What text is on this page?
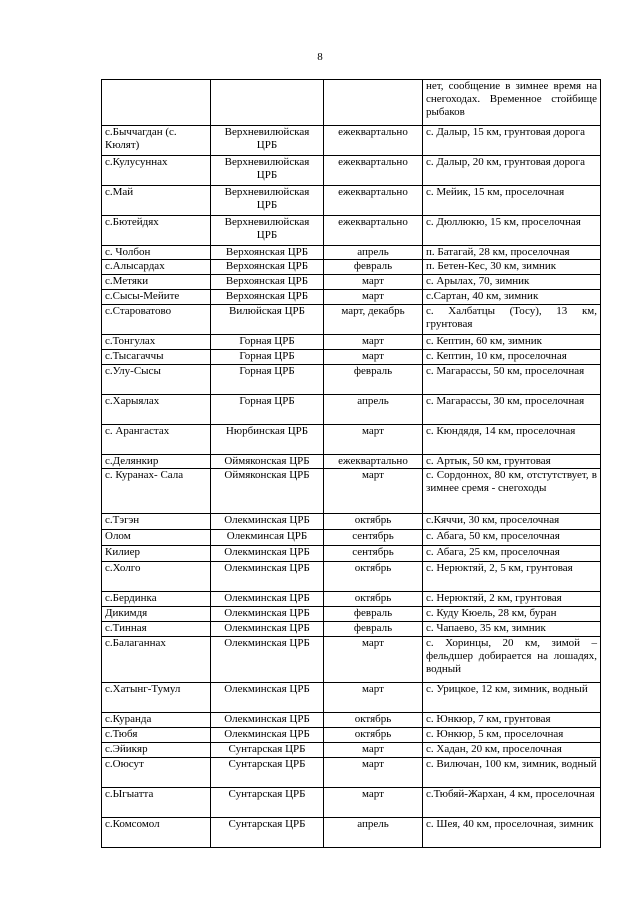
8
			нет, сообщение в зимнее время на снегоходах. Временное стойбище рыбаков
с.Быччагдан (с. Кюлят)	Верхневилюйская ЦРБ	ежеквартально	с. Далыр, 15 км, грунтовая дорога
с.Кулусуннах	Верхневилюйская ЦРБ	ежеквартально	с. Далыр, 20 км, грунтовая дорога
с.Май	Верхневилюйская ЦРБ	ежеквартально	с. Мейик, 15 км, проселочная
с.Бютейдях	Верхневилюйская ЦРБ	ежеквартально	с. Дюллюкю, 15 км, проселочная
с. Чолбон	Верхоянская ЦРБ	апрель	п. Батагай, 28 км, проселочная
с.Алысардах	Верхоянская ЦРБ	февраль	п. Бетен-Кес, 30 км, зимник
с.Метяки	Верхоянская ЦРБ	март	с. Арылах, 70, зимник
с.Сысы-Мейите	Верхоянская ЦРБ	март	с.Сартан, 40 км, зимник
с.Староватово	Вилюйская ЦРБ	март, декабрь	с. Халбатцы (Тосу), 13 км, грунтовая
с.Тонгулах	Горная ЦРБ	март	с. Кептин, 60 км, зимник
с.Тысагаччы	Горная ЦРБ	март	с. Кептин, 10 км, проселочная
с.Улу-Сысы	Горная ЦРБ	февраль	с. Магарассы, 50 км, проселочная
с.Харыялах	Горная ЦРБ	апрель	с. Магарассы, 30 км, проселочная
с. Арангастах	Нюрбинская ЦРБ	март	с. Кюндядя, 14 км, проселочная
с.Делянкир	Оймяконская ЦРБ	ежеквартально	с. Артык, 50 км, грунтовая
с. Куранах- Сала	Оймяконская ЦРБ	март	с. Сордоннох, 80 км, отстутствует, в зимнее сремя - снегоходы
с.Тэгэн	Олекминская ЦРБ	октябрь	с.Кяччи, 30 км, проселочная
Олом	Олекминсая ЦРБ	сентябрь	с. Абага, 50 км, проселочная
Килиер	Олекминская ЦРБ	сентябрь	с. Абага, 25 км, проселочная
с.Холго	Олекминская ЦРБ	октябрь	с. Нерюктяй, 2, 5 км, грунтовая
с.Бердинка	Олекминская ЦРБ	октябрь	с. Нерюктяй, 2 км, грунтовая
Дикимдя	Олекминская ЦРБ	февраль	с. Куду Кюель, 28 км, буран
с.Тинная	Олекминская ЦРБ	февраль	с. Чапаево, 35 км, зимник
с.Балаганнах	Олекминская ЦРБ	март	с. Хоринцы, 20 км, зимой – фельдшер добирается на лошадях, водный
с.Хатынг-Тумул	Олекминская ЦРБ	март	с. Урицкое, 12 км, зимник, водный
с.Куранда	Олекминская ЦРБ	октябрь	с. Юнкюр, 7 км, грунтовая
с.Тюбя	Олекминская ЦРБ	октябрь	с. Юнкюр, 5 км, проселочная
с.Эйикяр	Сунтарская ЦРБ	март	с. Хадан, 20 км, проселочная
с.Оюсут	Сунтарская ЦРБ	март	с. Вилючан, 100 км, зимник, водный
с.Ыгыатта	Сунтарская ЦРБ	март	с.Тюбяй-Жархан, 4 км, проселочная
с.Комсомол	Сунтарская ЦРБ	апрель	с. Шея, 40 км, проселочная, зимник
